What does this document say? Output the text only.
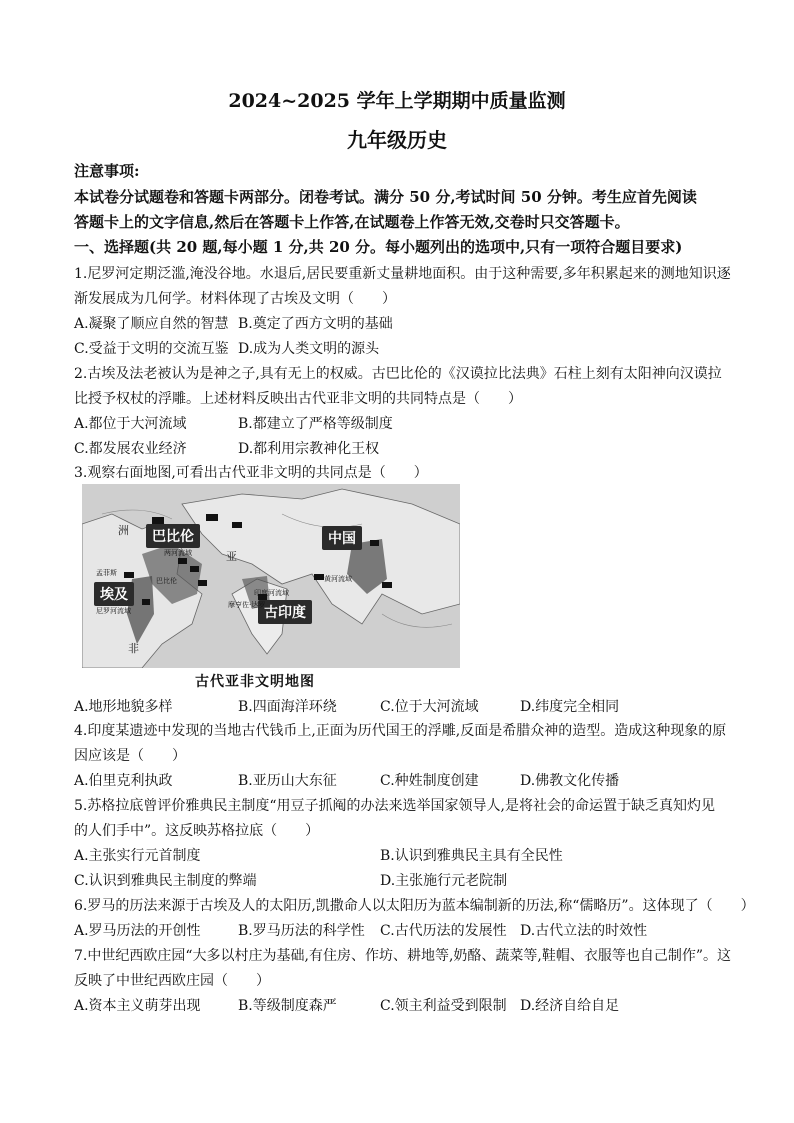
2024~2025 学年上学期期中质量监测
九年级历史
注意事项:
本试卷分试题卷和答题卡两部分。闭卷考试。满分 50 分,考试时间 50 分钟。考生应首先阅读
答题卡上的文字信息,然后在答题卡上作答,在试题卷上作答无效,交卷时只交答题卡。
一、选择题(共 20 题,每小题 1 分,共 20 分。每小题列出的选项中,只有一项符合题目要求)
1.尼罗河定期泛滥,淹没谷地。水退后,居民要重新丈量耕地面积。由于这种需要,多年积累起来的测地知识逐
渐发展成为几何学。材料体现了古埃及文明（　　）
A.凝聚了顺应自然的智慧 B.奠定了西方文明的基础
C.受益于文明的交流互鉴 D.成为人类文明的源头
2.古埃及法老被认为是神之子,具有无上的权威。古巴比伦的《汉谟拉比法典》石柱上刻有太阳神向汉谟拉
比授予权杖的浮雕。上述材料反映出古代亚非文明的共同特点是（　　）
A.都位于大河流域	B.都建立了严格等级制度
C.都发展农业经济	D.都利用宗教神化王权
3.观察右面地图,可看出古代亚非文明的共同点是（　　）
巴比伦
埃及
中国
古印度
洲
亚
非
两河流域
孟菲斯
巴比伦
尼罗河流域
黄河流域
印度河流域
摩亨佐·达罗
古代亚非文明地图
A.地形地貌多样	B.四面海洋环绕	C.位于大河流域	D.纬度完全相同
4.印度某遗迹中发现的当地古代钱币上,正面为历代国王的浮雕,反面是希腊众神的造型。造成这种现象的原
因应该是（　　）
A.伯里克利执政	B.亚历山大东征	C.种姓制度创建	D.佛教文化传播
5.苏格拉底曾评价雅典民主制度“用豆子抓阄的办法来选举国家领导人,是将社会的命运置于缺乏真知灼见
的人们手中”。这反映苏格拉底（　　）
A.主张实行元首制度	B.认识到雅典民主具有全民性
C.认识到雅典民主制度的弊端	D.主张施行元老院制
6.罗马的历法来源于古埃及人的太阳历,凯撒命人以太阳历为蓝本编制新的历法,称“儒略历”。这体现了（　　）
A.罗马历法的开创性	B.罗马历法的科学性 C.古代历法的发展性 D.古代立法的时效性
7.中世纪西欧庄园“大多以村庄为基础,有住房、作坊、耕地等,奶酪、蔬菜等,鞋帽、衣服等也自己制作”。这
反映了中世纪西欧庄园（　　）
A.资本主义萌芽出现	B.等级制度森严	C.领主利益受到限制 D.经济自给自足
